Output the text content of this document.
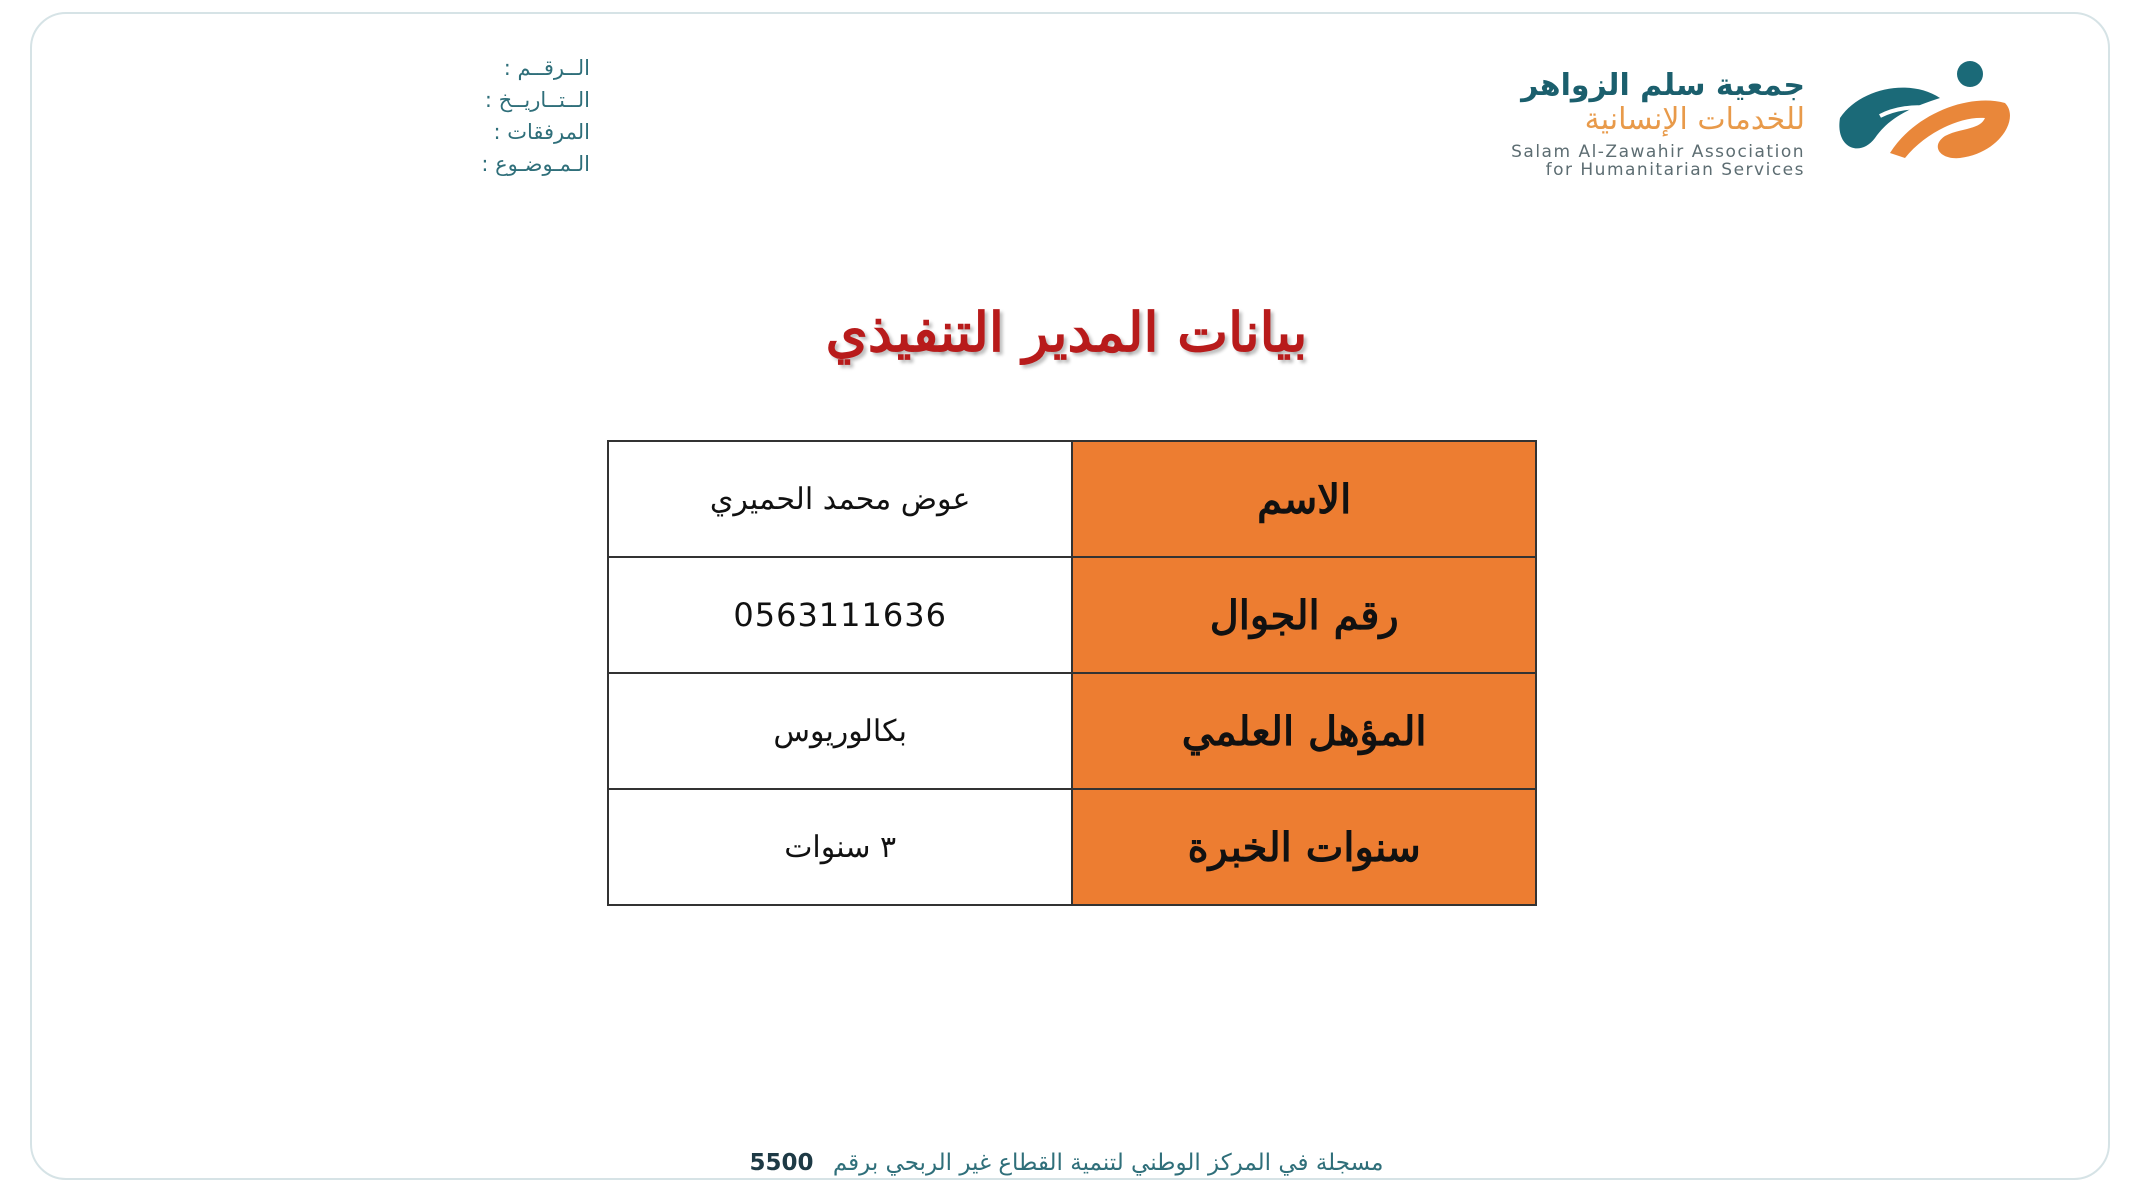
جمعية سلم الزواهر
للخدمات الإنسانية
Salam Al-Zawahir Association
for Humanitarian Services
الــرقــم :
الــتــاريــخ :
المرفقات :
الـمـوضـوع :
بيانات المدير التنفيذي
الاسم	عوض محمد الحميري
رقم الجوال	0563111636
المؤهل العلمي	بكالوريوس
سنوات الخبرة	٣ سنوات
مسجلة في المركز الوطني لتنمية القطاع غير الربحي برقم 5500
